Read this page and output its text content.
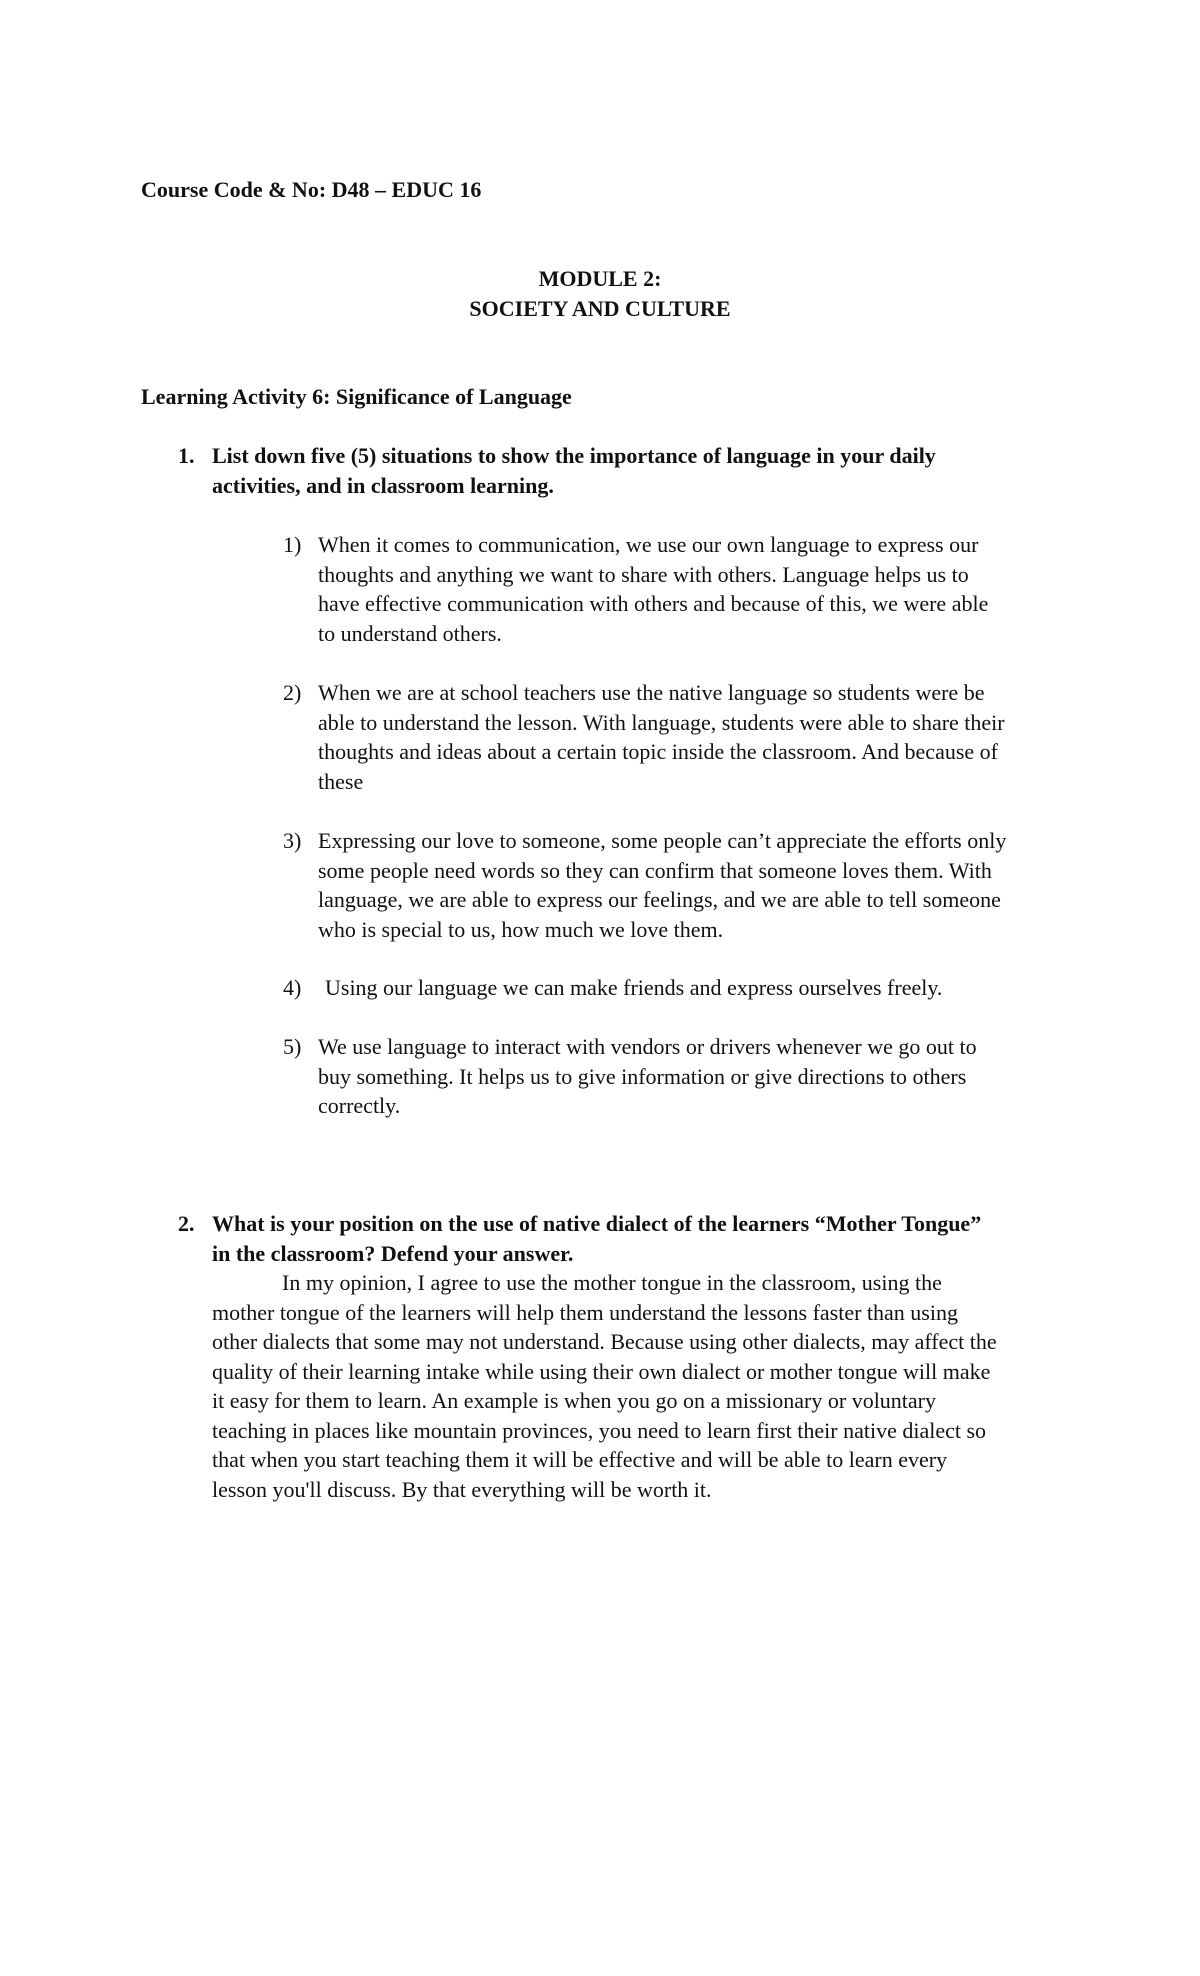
Course Code & No: D48 – EDUC 16
MODULE 2:
SOCIETY AND CULTURE
Learning Activity 6: Significance of Language
1. List down five (5) situations to show the importance of language in your daily
activities, and in classroom learning.
1) When it comes to communication, we use our own language to express our
thoughts and anything we want to share with others. Language helps us to
have effective communication with others and because of this, we were able
to understand others.
2) When we are at school teachers use the native language so students were be
able to understand the lesson. With language, students were able to share their
thoughts and ideas about a certain topic inside the classroom. And because of
these
3) Expressing our love to someone, some people can’t appreciate the efforts only
some people need words so they can confirm that someone loves them. With
language, we are able to express our feelings, and we are able to tell someone
who is special to us, how much we love them.
4) Using our language we can make friends and express ourselves freely.
5) We use language to interact with vendors or drivers whenever we go out to
buy something. It helps us to give information or give directions to others
correctly.
2. What is your position on the use of native dialect of the learners “Mother Tongue”
in the classroom? Defend your answer.
In my opinion, I agree to use the mother tongue in the classroom, using the
mother tongue of the learners will help them understand the lessons faster than using
other dialects that some may not understand. Because using other dialects, may affect the
quality of their learning intake while using their own dialect or mother tongue will make
it easy for them to learn. An example is when you go on a missionary or voluntary
teaching in places like mountain provinces, you need to learn first their native dialect so
that when you start teaching them it will be effective and will be able to learn every
lesson you'll discuss. By that everything will be worth it.
